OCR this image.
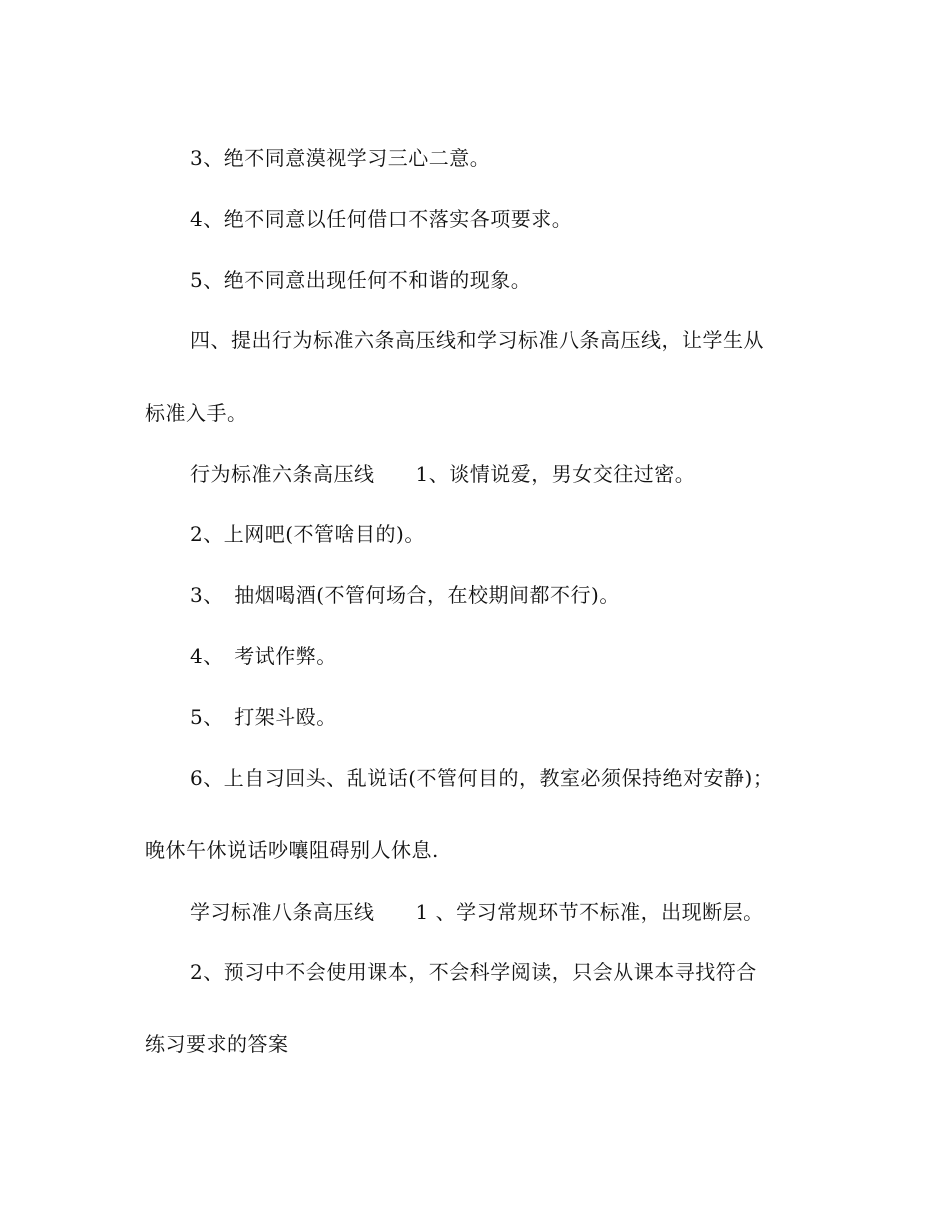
3、绝不同意漠视学习三心二意。
4、绝不同意以任何借口不落实各项要求。
5、绝不同意出现任何不和谐的现象。
四、提出行为标准六条高压线和学习标准八条高压线，让学生从
标准入手。
行为标准六条高压线　　1、谈情说爱，男女交往过密。
2、上网吧(不管啥目的)。
3、　抽烟喝酒(不管何场合，在校期间都不行)。
4、　考试作弊。
5、　打架斗殴。
6、上自习回头、乱说话(不管何目的，教室必须保持绝对安静)；
晚休午休说话吵嚷阻碍别人休息.
学习标准八条高压线　　1 、学习常规环节不标准，出现断层。
2、预习中不会使用课本，不会科学阅读，只会从课本寻找符合
练习要求的答案
